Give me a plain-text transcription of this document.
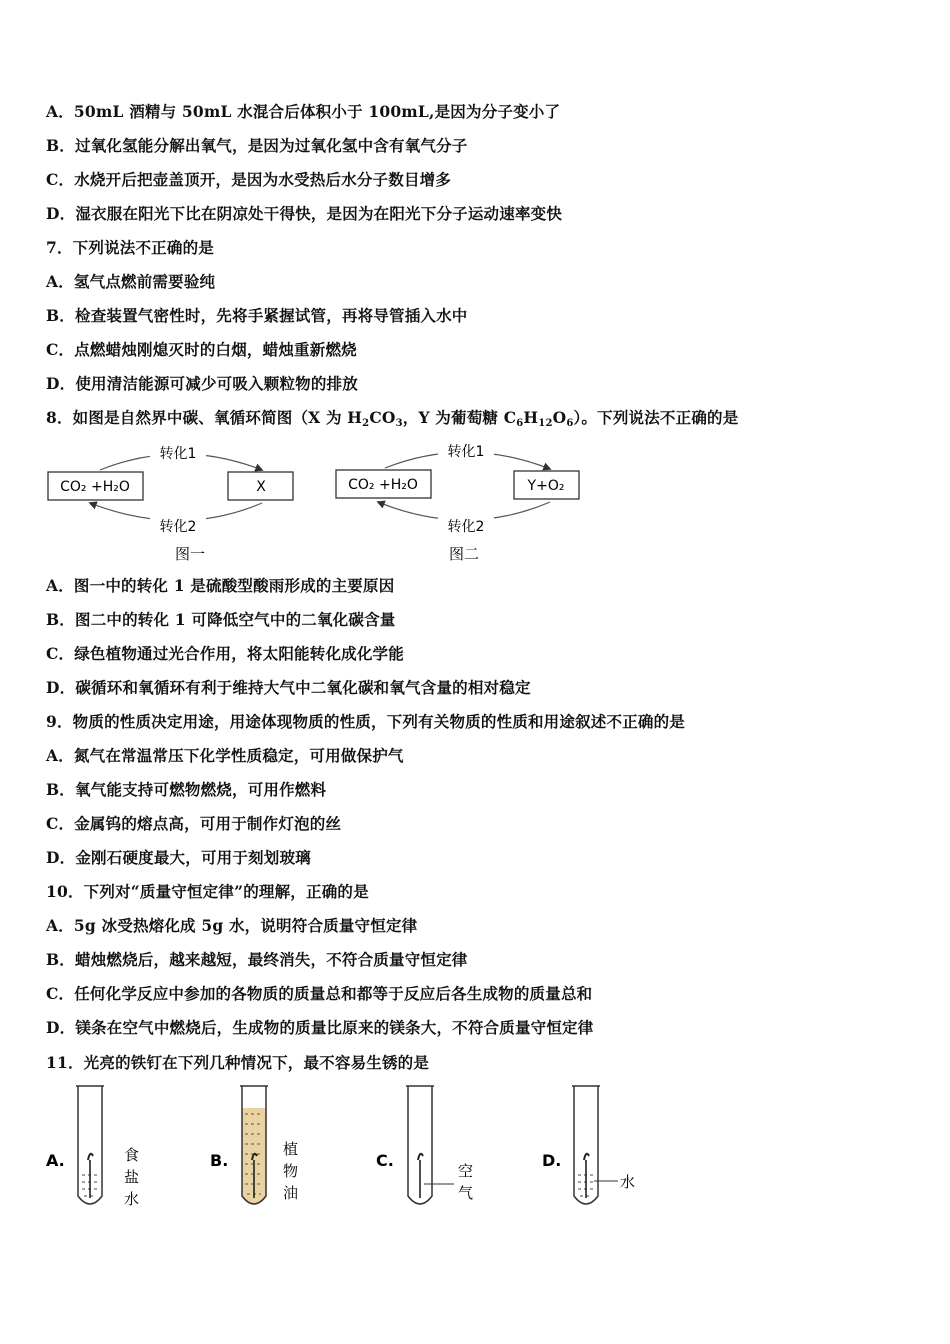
A．50mL 酒精与 50mL 水混合后体积小于 100mL,是因为分子变小了
B．过氧化氢能分解出氧气，是因为过氧化氢中含有氧气分子
C．水烧开后把壶盖顶开，是因为水受热后水分子数目增多
D．湿衣服在阳光下比在阴凉处干得快，是因为在阳光下分子运动速率变快
7．下列说法不正确的是
A．氢气点燃前需要验纯
B．检查装置气密性时，先将手紧握试管，再将导管插入水中
C．点燃蜡烛刚熄灭时的白烟，蜡烛重新燃烧
D．使用清洁能源可减少可吸入颗粒物的排放
8．如图是自然界中碳、氧循环简图（X 为 $H_2CO_3$，Y 为葡萄糖 $C_6H_{12}O_6$）。下列说法不正确的是
CO₂ +H₂O	X
转化1
转化2
图一
CO₂ +H₂O	Y+O₂
转化1
转化2
图二
A．图一中的转化 1 是硫酸型酸雨形成的主要原因
B．图二中的转化 1 可降低空气中的二氧化碳含量
C．绿色植物通过光合作用，将太阳能转化成化学能
D．碳循环和氧循环有利于维持大气中二氧化碳和氧气含量的相对稳定
9．物质的性质决定用途，用途体现物质的性质，下列有关物质的性质和用途叙述不正确的是
A．氮气在常温常压下化学性质稳定，可用做保护气
B．氧气能支持可燃物燃烧，可用作燃料
C．金属钨的熔点高，可用于制作灯泡的丝
D．金刚石硬度最大，可用于刻划玻璃
10．下列对“质量守恒定律”的理解，正确的是
A．5g 冰受热熔化成 5g 水，说明符合质量守恒定律
B．蜡烛燃烧后，越来越短，最终消失，不符合质量守恒定律
C．任何化学反应中参加的各物质的质量总和都等于反应后各生成物的质量总和
D．镁条在空气中燃烧后，生成物的质量比原来的镁条大，不符合质量守恒定律
11．光亮的铁钉在下列几种情况下，最不容易生锈的是
A.	食
盐
水
B.
植
物
油
C.
空
气
D.
水
